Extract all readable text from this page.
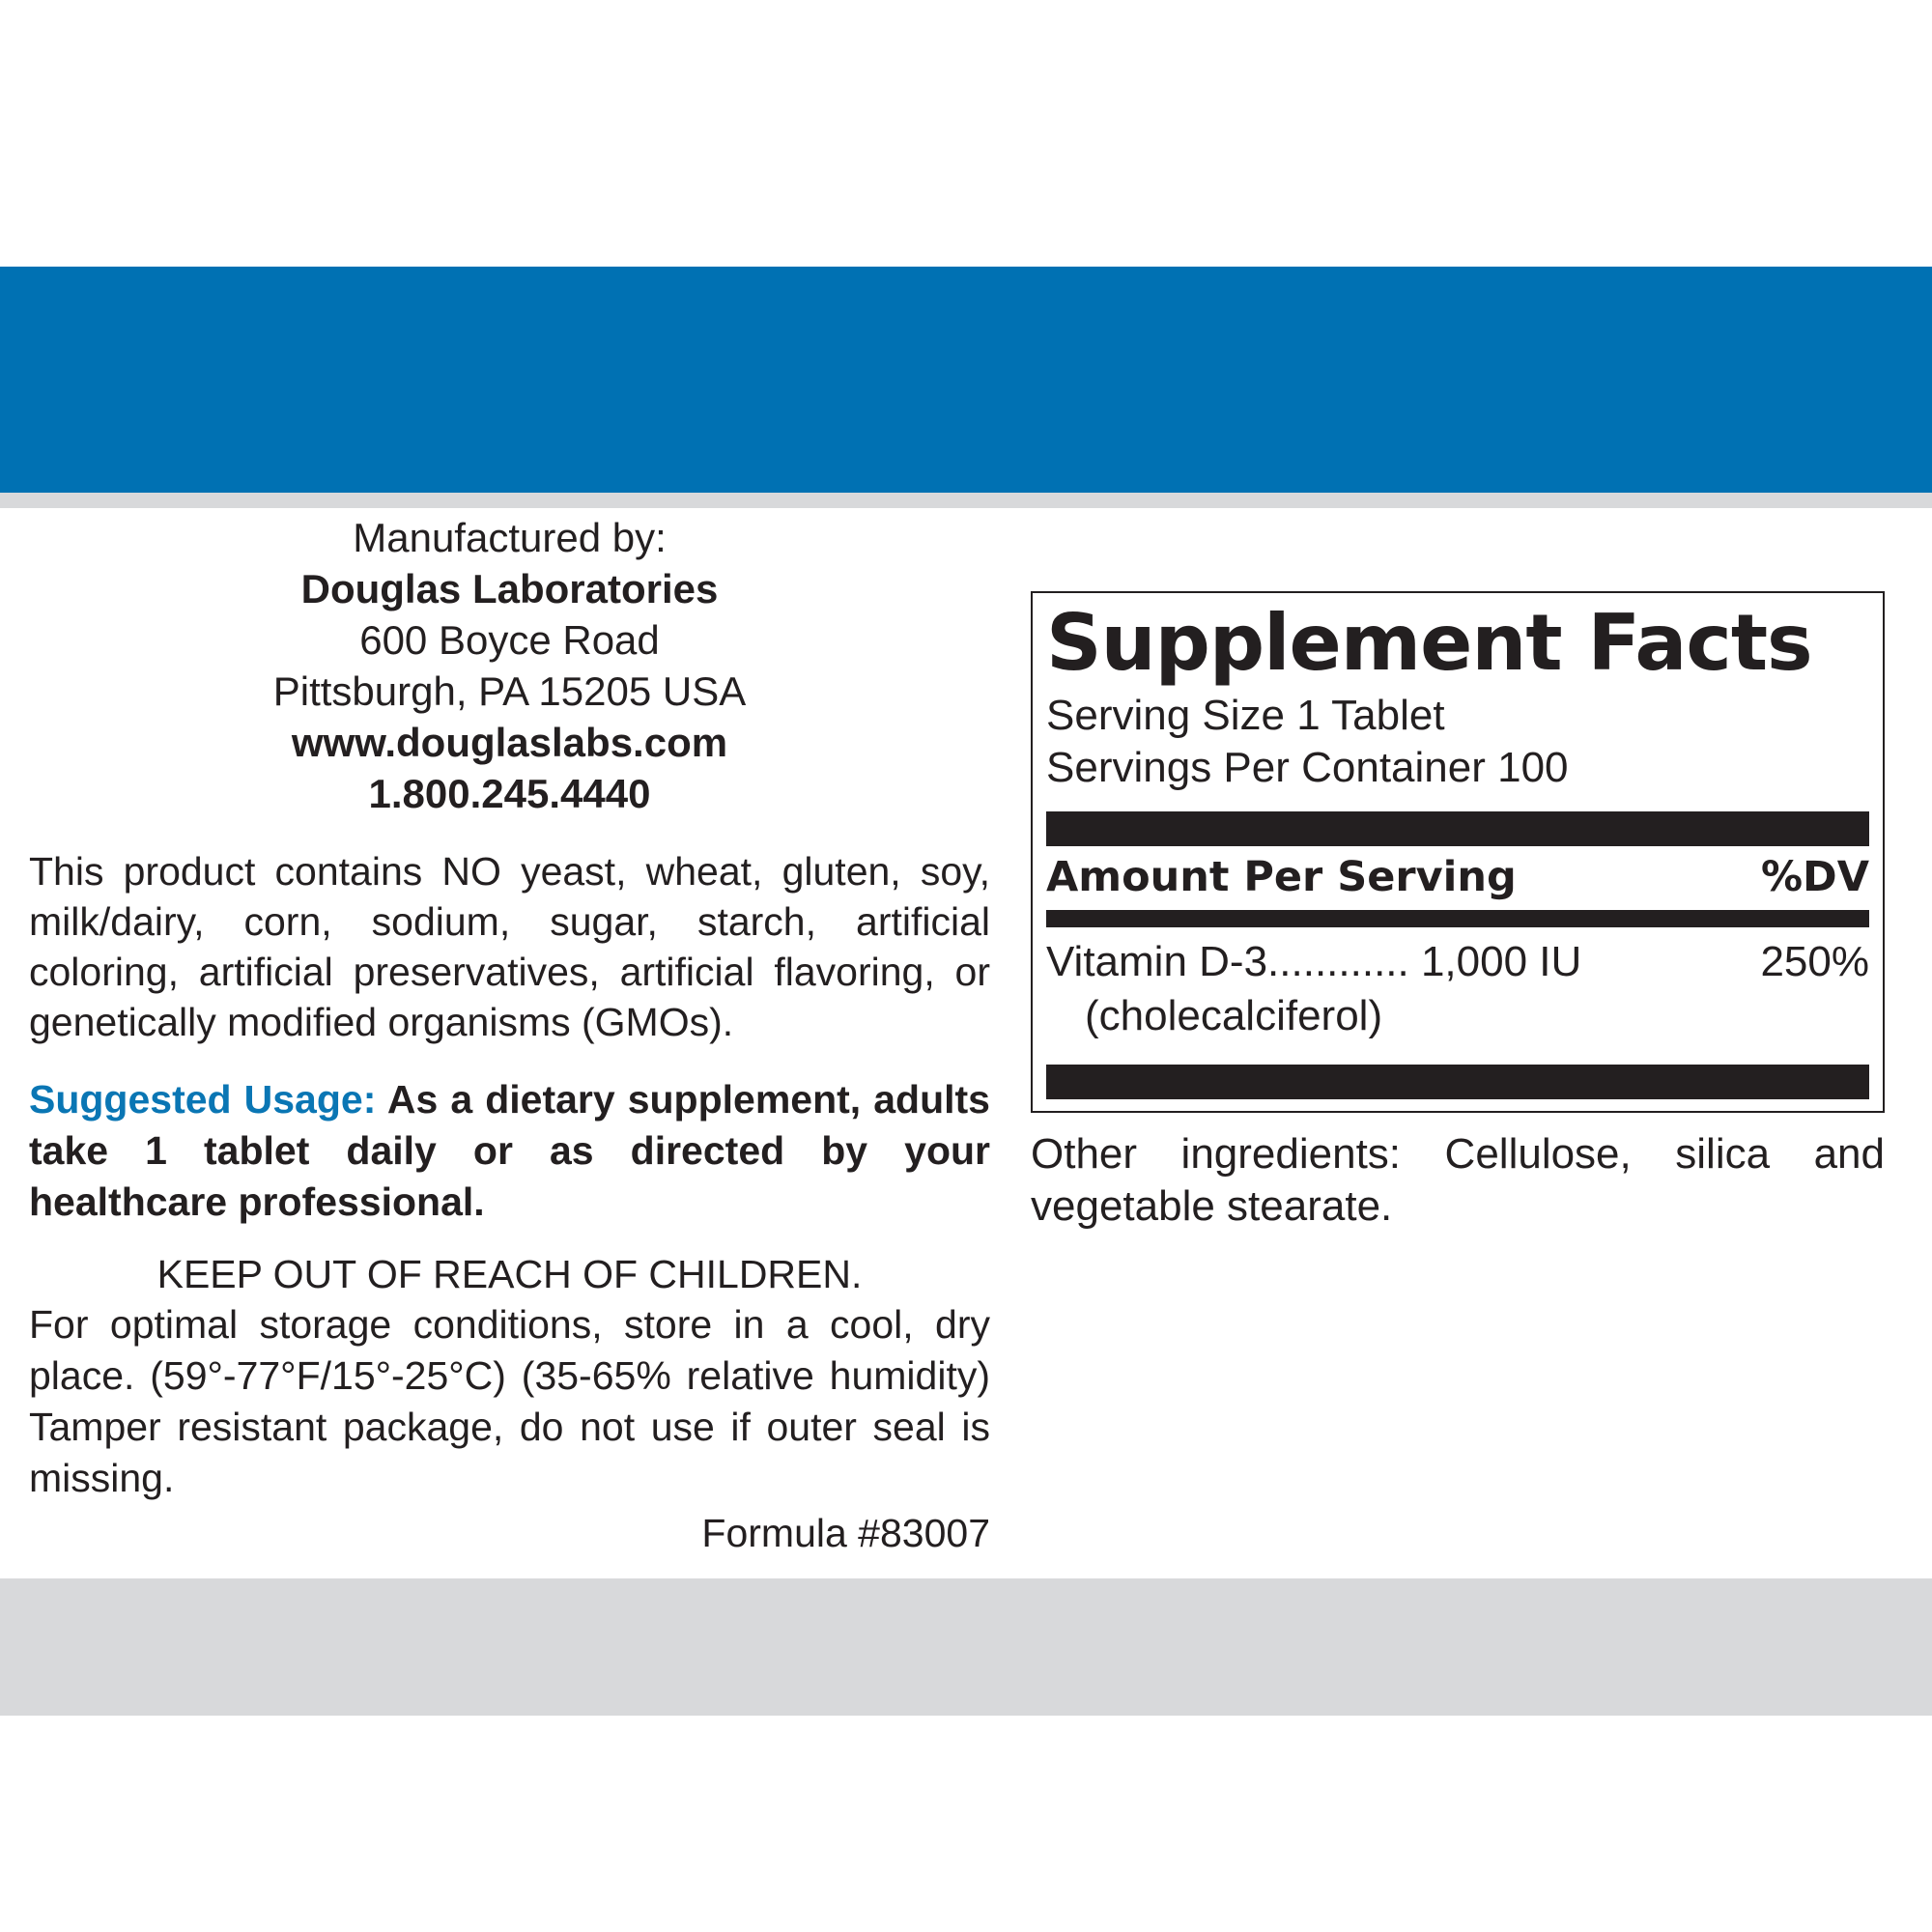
Manufactured by:
Douglas Laboratories
600 Boyce Road
Pittsburgh, PA 15205 USA
www.douglaslabs.com
1.800.245.4440
This product contains NO yeast, wheat, gluten, soy, milk/dairy, corn, sodium, sugar, starch, artificial coloring, artificial preservatives, artificial flavoring, or genetically modified organisms (GMOs).
Suggested Usage: As a dietary supplement, adults take 1 tablet daily or as directed by your healthcare professional.
KEEP OUT OF REACH OF CHILDREN.
For optimal storage conditions, store in a cool, dry place. (59°-77°F/15°-25°C) (35-65% relative humidity) Tamper resistant package, do not use if outer seal is missing.
Formula #83007
Supplement Facts
Serving Size 1 Tablet
Servings Per Container 100
Amount Per Serving	%DV
Vitamin D-3............ 1,000 IU	250%
(cholecalciferol)
Other ingredients: Cellulose, silica and vegetable stearate.
